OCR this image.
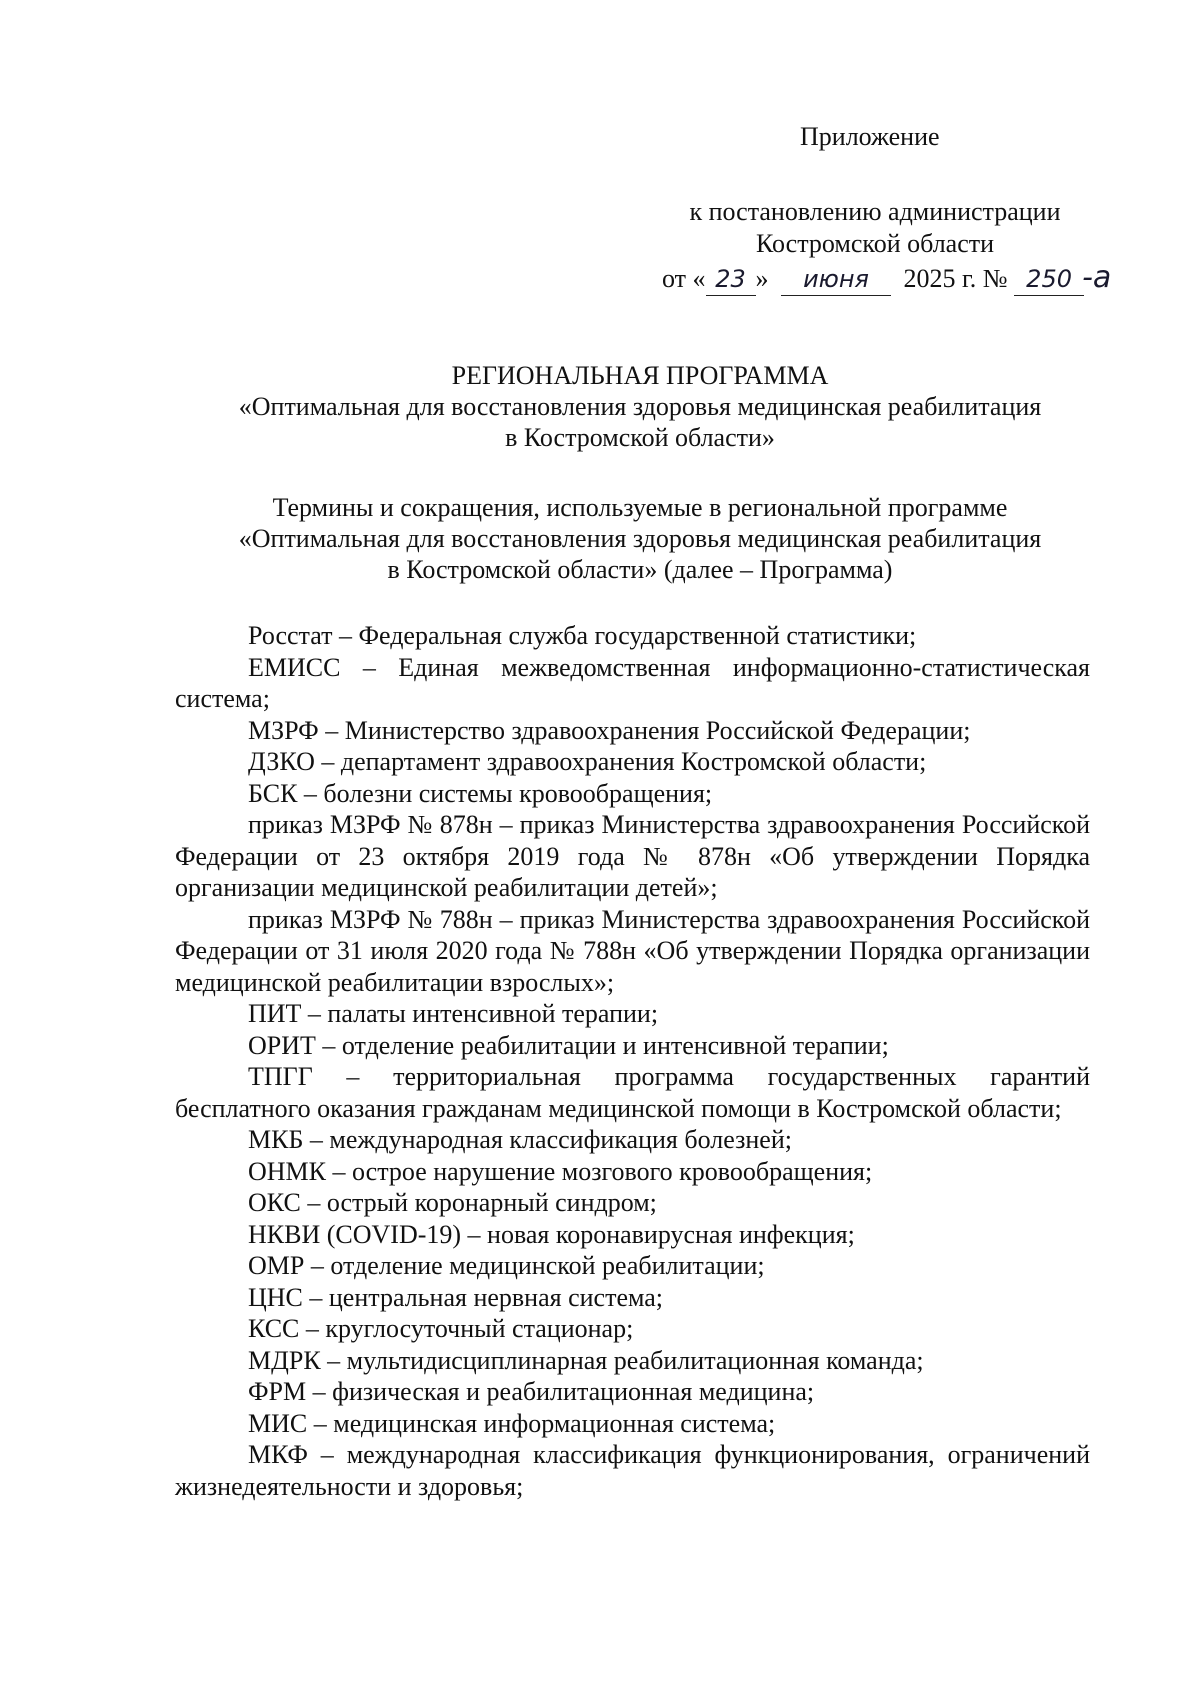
Приложение
к постановлению администрации
Костромской области
от « 23 » июня 2025 г. № 250 -а
РЕГИОНАЛЬНАЯ ПРОГРАММА
«Оптимальная для восстановления здоровья медицинская реабилитация
в Костромской области»
Термины и сокращения, используемые в региональной программе
«Оптимальная для восстановления здоровья медицинская реабилитация
в Костромской области» (далее – Программа)

Росстат – Федеральная служба государственной статистики;

ЕМИСС – Единая межведомственная информационно-статистическая система;

МЗРФ – Министерство здравоохранения Российской Федерации;

ДЗКО – департамент здравоохранения Костромской области;

БСК – болезни системы кровообращения;

приказ МЗРФ № 878н – приказ Министерства здравоохранения Российской Федерации от 23 октября 2019 года № 878н «Об утверждении Порядка организации медицинской реабилитации детей»;

приказ МЗРФ № 788н – приказ Министерства здравоохранения Российской Федерации от 31 июля 2020 года № 788н «Об утверждении Порядка организации медицинской реабилитации взрослых»;

ПИТ – палаты интенсивной терапии;

ОРИТ – отделение реабилитации и интенсивной терапии;

ТПГГ – территориальная программа государственных гарантий бесплатного оказания гражданам медицинской помощи в Костромской области;

МКБ – международная классификация болезней;

ОНМК – острое нарушение мозгового кровообращения;

ОКС – острый коронарный синдром;

НКВИ (COVID-19) – новая коронавирусная инфекция;

ОМР – отделение медицинской реабилитации;

ЦНС – центральная нервная система;

КСС – круглосуточный стационар;

МДРК – мультидисциплинарная реабилитационная команда;

ФРМ – физическая и реабилитационная медицина;

МИС – медицинская информационная система;

МКФ – международная классификация функционирования, ограничений жизнедеятельности и здоровья;
